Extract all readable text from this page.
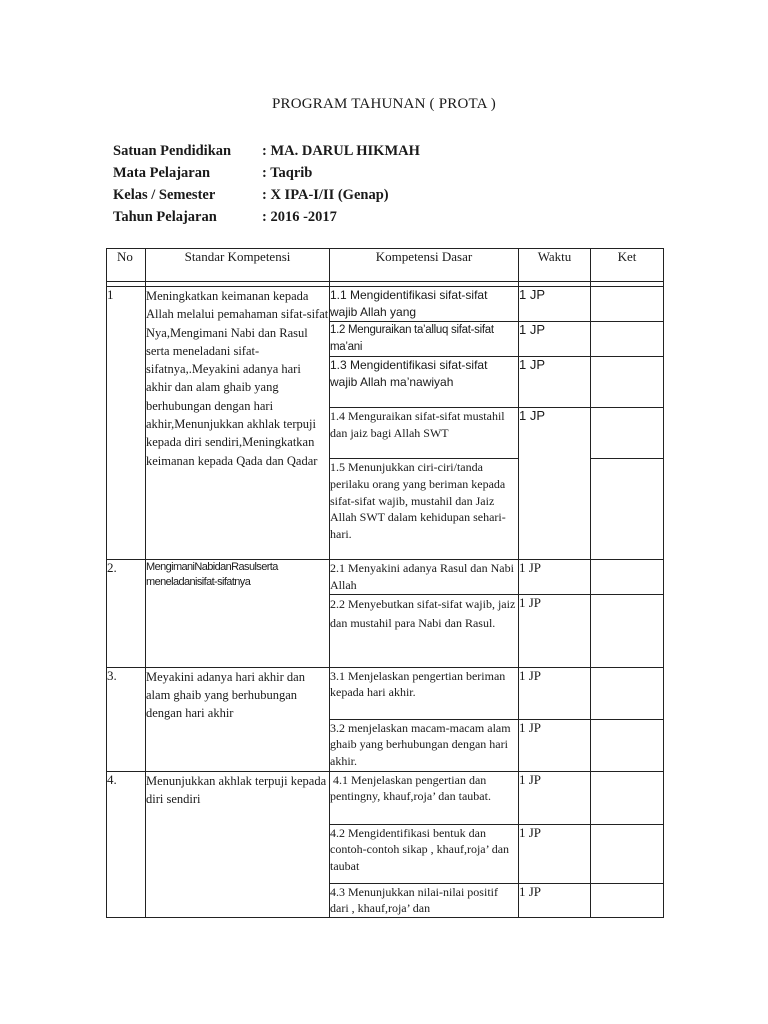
PROGRAM TAHUNAN ( PROTA )
Satuan Pendidikan	: MA. DARUL HIKMAH
Mata Pelajaran	: Taqrib
Kelas / Semester	: X IPA-I/II (Genap)
Tahun Pelajaran	: 2016 -2017
No	Standar Kompetensi	Kompetensi Dasar	Waktu	Ket

1	Meningkatkan keimanan kepada Allah melalui pemahaman sifat-sifat Nya,Mengimani Nabi dan Rasul serta meneladani sifat-sifatnya,.Meyakini adanya hari akhir dan alam ghaib yang berhubungan dengan hari akhir,Menunjukkan akhlak terpuji kepada diri sendiri,Meningkatkan keimanan kepada Qada dan Qadar	1.1 Mengidentifikasi sifat-sifat wajib Allah yang	1 JP	
		1.2 Menguraikan ta’alluq sifat-sifat ma’ani	1 JP	
		1.3 Mengidentifikasi sifat-sifat wajib Allah ma’nawiyah	1 JP	
		1.4 Menguraikan sifat-sifat mustahil dan jaiz bagi Allah SWT	1 JP	
		1.5 Menunjukkan ciri-ciri/tanda perilaku orang yang beriman kepada sifat-sifat wajib, mustahil dan Jaiz Allah SWT dalam kehidupan sehari-hari.		
2.	MengimaniNabidanRasulserta meneladanisifat-sifatnya	2.1 Menyakini adanya Rasul dan Nabi Allah	1 JP	
		2.2 Menyebutkan sifat-sifat wajib, jaiz dan mustahil para Nabi dan Rasul.	1 JP	
3.	Meyakini adanya hari akhir dan alam ghaib yang berhubungan dengan hari akhir	3.1 Menjelaskan pengertian beriman kepada hari akhir.	1 JP	
		3.2 menjelaskan macam-macam alam ghaib yang berhubungan dengan hari akhir.	1 JP	
4.	Menunjukkan akhlak terpuji kepada diri sendiri	4.1 Menjelaskan pengertian dan pentingny, khauf,roja’ dan taubat.	1 JP	
		4.2 Mengidentifikasi bentuk dan contoh-contoh sikap , khauf,roja’ dan taubat	1 JP	
		4.3 Menunjukkan nilai-nilai positif dari , khauf,roja’ dan	1 JP	
